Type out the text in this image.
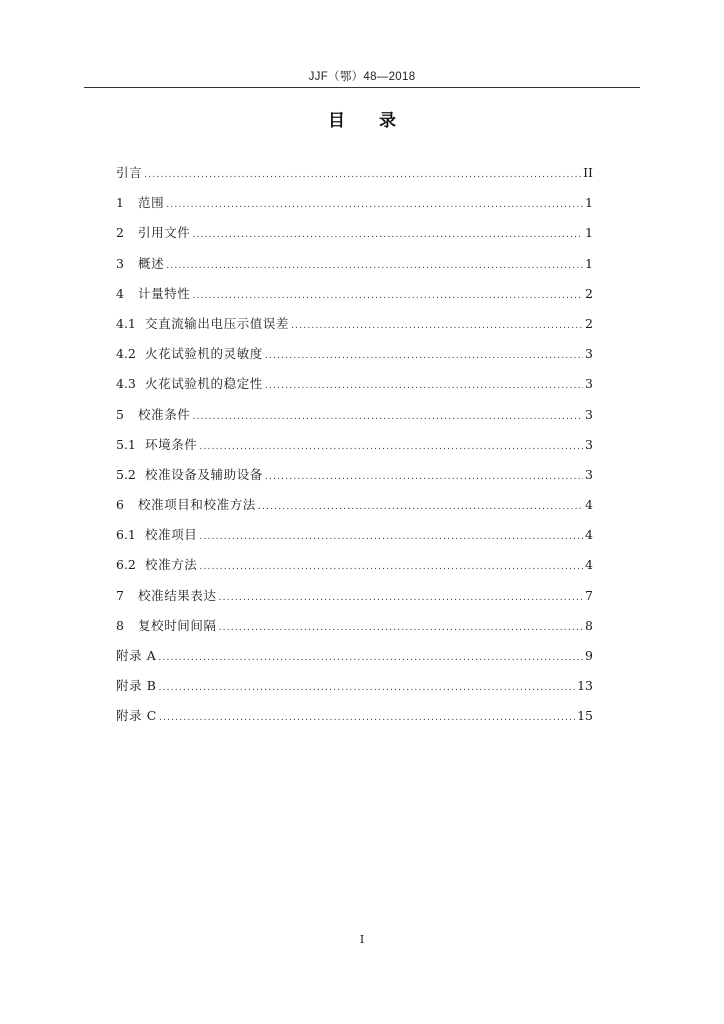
JJF（鄂）48—2018
目 录
引言 .....	II
1	范围 .....	1
2	引用文件 .....	1
3	概述 .....	1
4	计量特性 .....	2
4.1 交直流输出电压示值误差 .....	2
4.2 火花试验机的灵敏度 .....	3
4.3 火花试验机的稳定性 .....	3
5	校准条件 .....	3
5.1 环境条件 .....	3
5.2 校准设备及辅助设备 .....	3
6	校准项目和校准方法 .....	4
6.1 校准项目 .....	4
6.2 校准方法 .....	4
7	校准结果表达 .....	7
8	复校时间间隔 .....	8
附录 A .....	9
附录 B .....	13
附录 C .....	15
I
